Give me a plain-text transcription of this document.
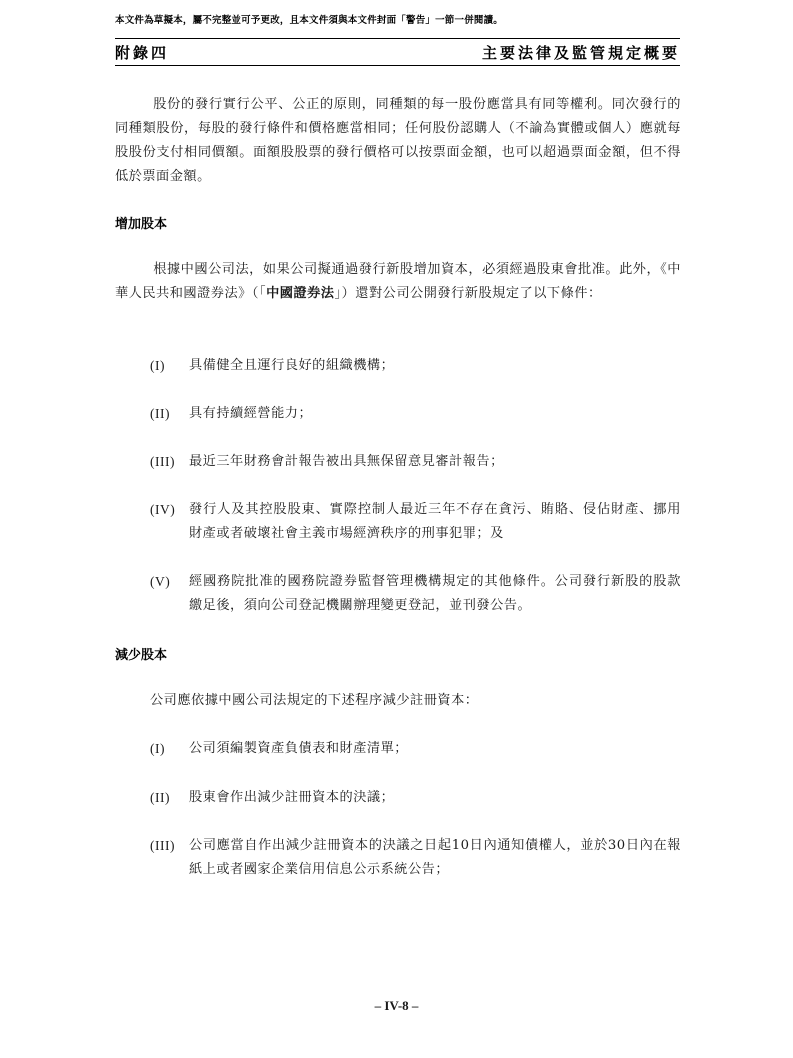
本文件為草擬本，屬不完整並可予更改，且本文件須與本文件封面「警告」一節一併閱讀。
附錄四	主要法律及監管規定概要
股份的發行實行公平、公正的原則，同種類的每一股份應當具有同等權利。同次發行的同種類股份，每股的發行條件和價格應當相同；任何股份認購人（不論為實體或個人）應就每股股份支付相同價額。面額股股票的發行價格可以按票面金額，也可以超過票面金額，但不得低於票面金額。
增加股本
根據中國公司法，如果公司擬通過發行新股增加資本，必須經過股東會批准。此外，《中華人民共和國證券法》（「中國證券法」）還對公司公開發行新股規定了以下條件：
(I)	具備健全且運行良好的組織機構；
(II)	具有持續經營能力；
(III)	最近三年財務會計報告被出具無保留意見審計報告；
(IV)	發行人及其控股股東、實際控制人最近三年不存在貪污、賄賂、侵佔財產、挪用財產或者破壞社會主義市場經濟秩序的刑事犯罪；及
(V)	經國務院批准的國務院證券監督管理機構規定的其他條件。公司發行新股的股款繳足後，須向公司登記機關辦理變更登記，並刊發公告。
減少股本
公司應依據中國公司法規定的下述程序減少註冊資本：
(I)	公司須編製資產負債表和財產清單；
(II)	股東會作出減少註冊資本的決議；
(III)	公司應當自作出減少註冊資本的決議之日起10日內通知債權人，並於30日內在報紙上或者國家企業信用信息公示系統公告；
– IV-8 –
